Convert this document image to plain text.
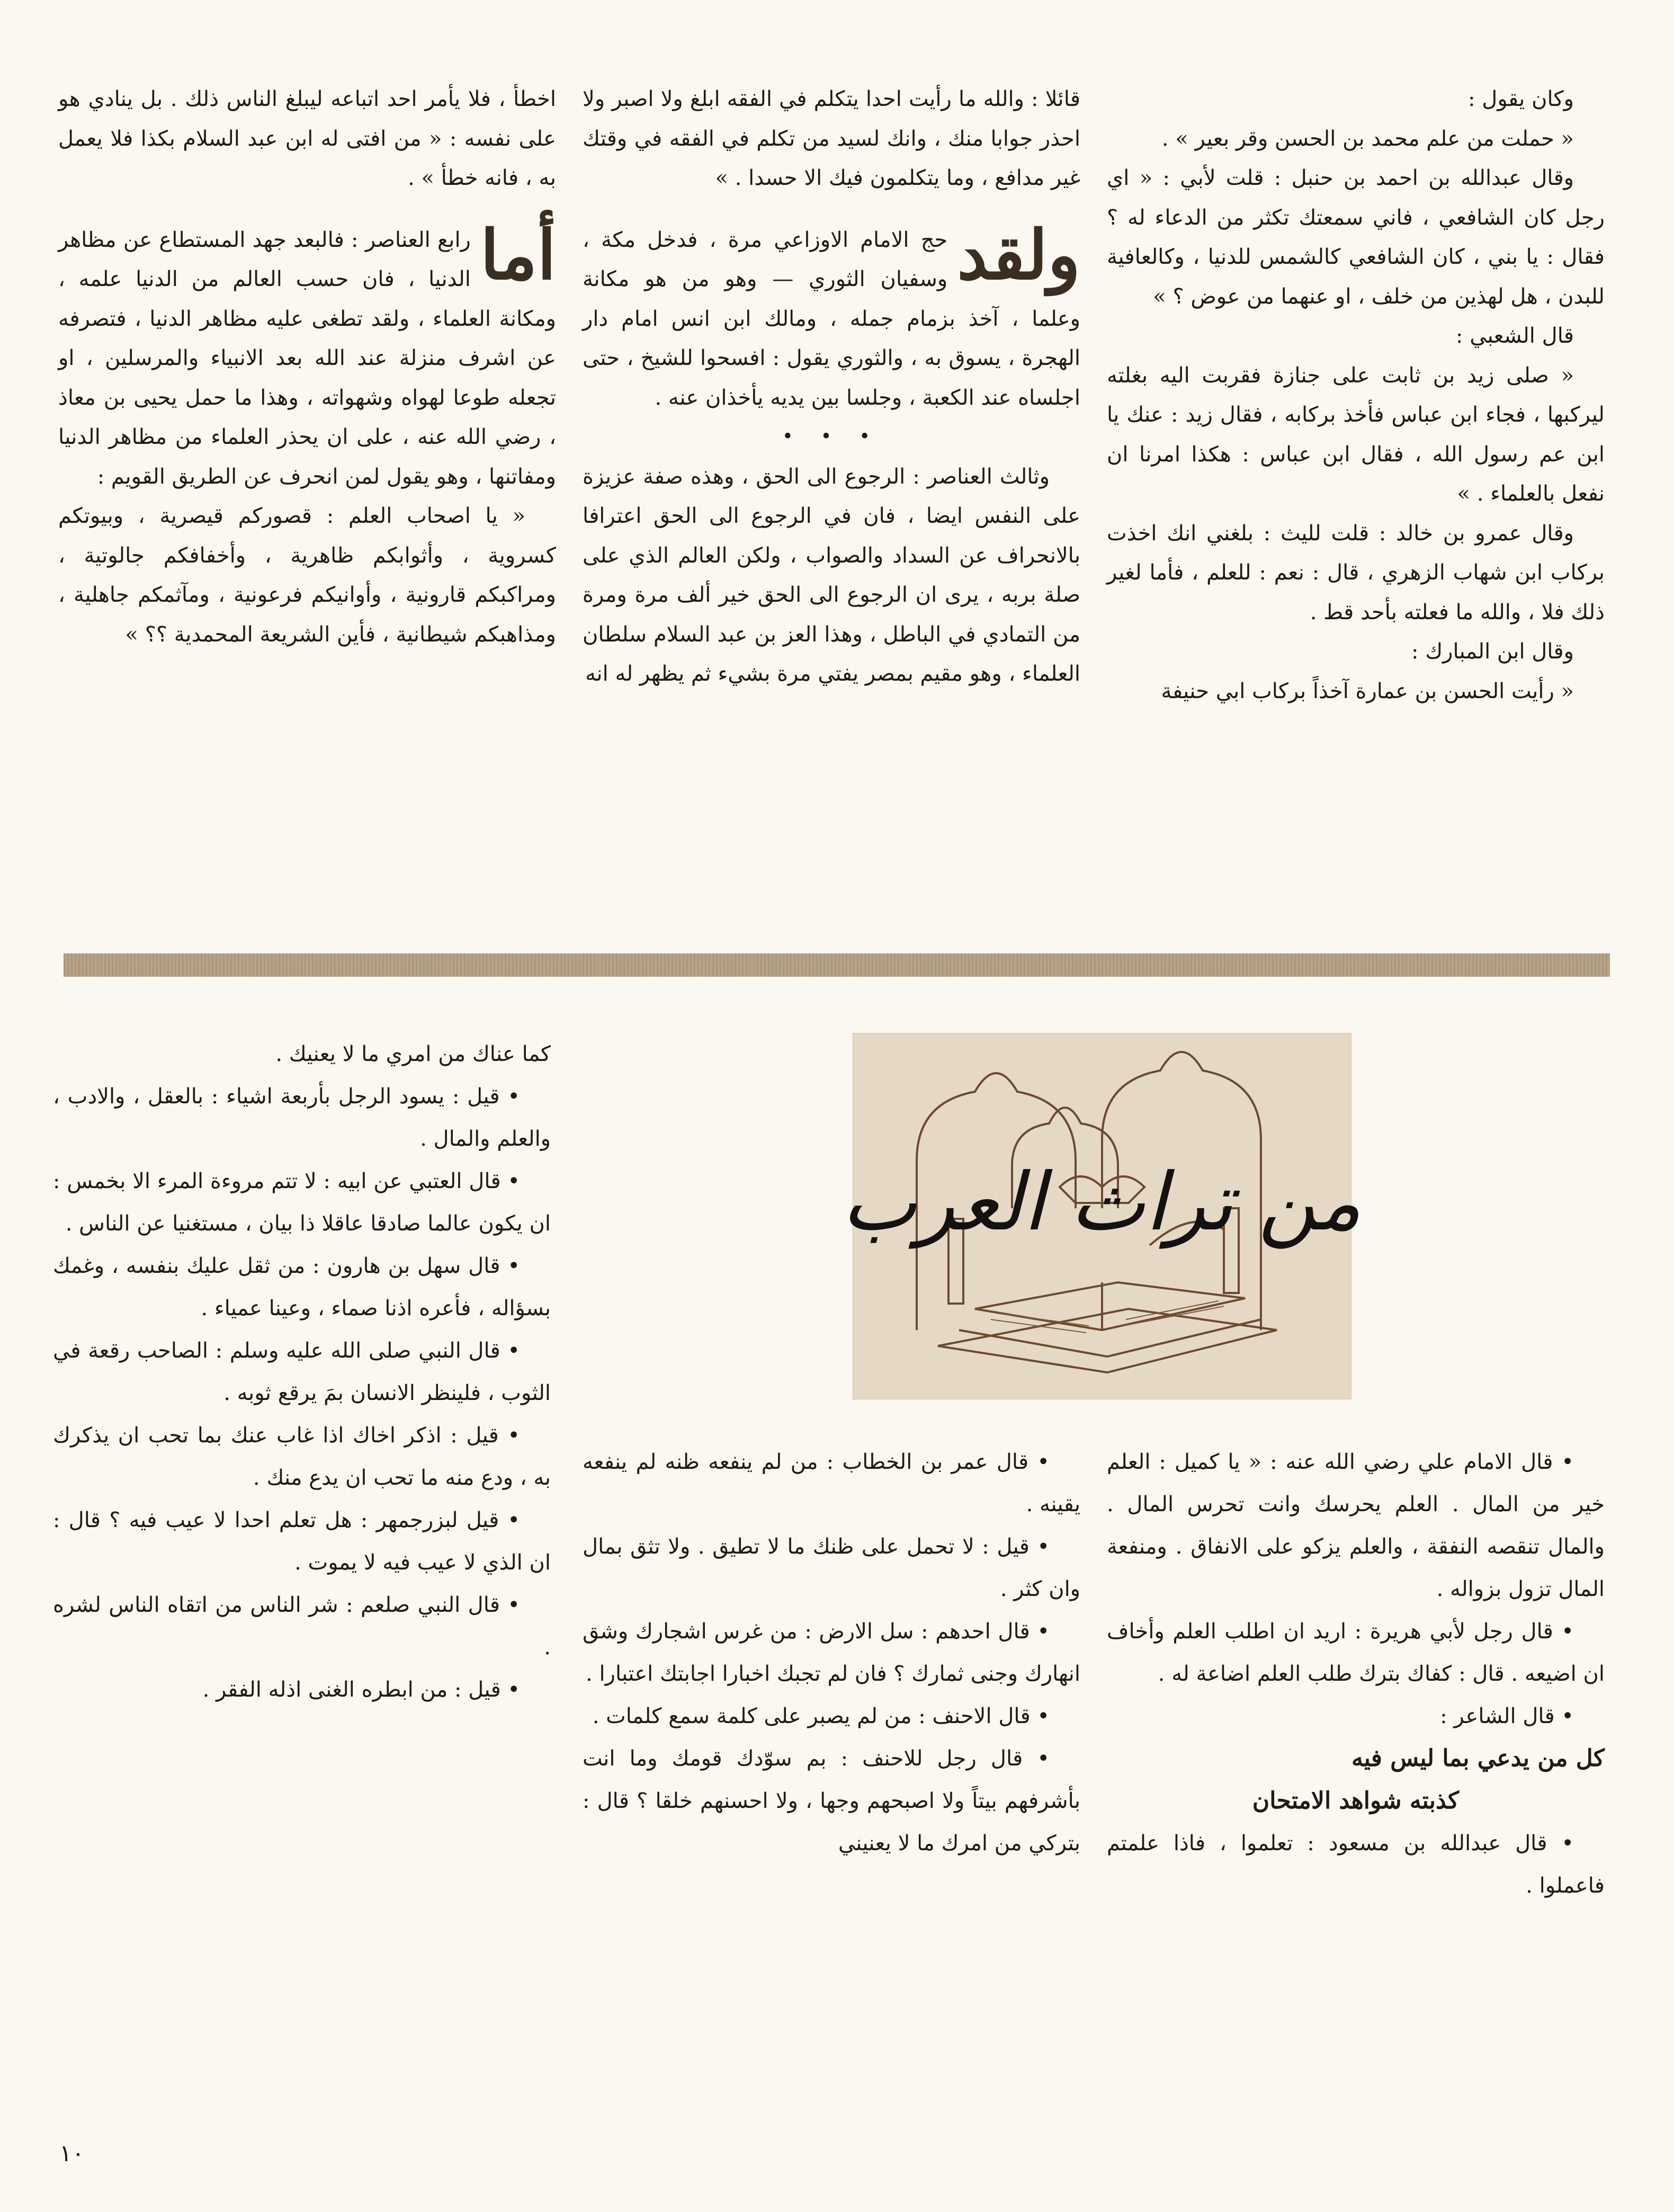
وكان يقول :

« حملت من علم محمد بن الحسن وقر بعير » .

وقال عبدالله بن احمد بن حنبل : قلت لأبي : « اي رجل كان الشافعي ، فاني سمعتك تكثر من الدعاء له ؟ فقال : يا بني ، كان الشافعي كالشمس للدنيا ، وكالعافية للبدن ، هل لهذين من خلف ، او عنهما من عوض ؟ »

قال الشعبي :

« صلى زيد بن ثابت على جنازة فقربت اليه بغلته ليركبها ، فجاء ابن عباس فأخذ بركابه ، فقال زيد : عنك يا ابن عم رسول الله ، فقال ابن عباس : هكذا امرنا ان نفعل بالعلماء . »

وقال عمرو بن خالد : قلت لليث : بلغني انك اخذت بركاب ابن شهاب الزهري ، قال : نعم : للعلم ، فأما لغير ذلك فلا ، والله ما فعلته بأحد قط .

وقال ابن المبارك :

« رأيت الحسن بن عمارة آخذاً بركاب ابي حنيفة

قائلا : والله ما رأيت احدا يتكلم في الفقه ابلغ ولا اصبر ولا احذر جوابا منك ، وانك لسيد من تكلم في الفقه في وقتك غير مدافع ، وما يتكلمون فيك الا حسدا . »

ولقد
حج الامام الاوزاعي مرة ، فدخل مكة ، وسفيان الثوري — وهو من هو مكانة وعلما ، آخذ بزمام جمله ، ومالك ابن انس امام دار الهجرة ، يسوق به ، والثوري يقول : افسحوا للشيخ ، حتى اجلساه عند الكعبة ، وجلسا بين يديه يأخذان عنه .

• • •

وثالث العناصر : الرجوع الى الحق ، وهذه صفة عزيزة على النفس ايضا ، فان في الرجوع الى الحق اعترافا بالانحراف عن السداد والصواب ، ولكن العالم الذي على صلة بربه ، يرى ان الرجوع الى الحق خير ألف مرة ومرة من التمادي في الباطل ، وهذا العز بن عبد السلام سلطان العلماء ، وهو مقيم بمصر يفتي مرة بشيء ثم يظهر له انه

اخطأ ، فلا يأمر احد اتباعه ليبلغ الناس ذلك . بل ينادي هو على نفسه : « من افتى له ابن عبد السلام بكذا فلا يعمل به ، فانه خطأ » .

أما
رابع العناصر : فالبعد جهد المستطاع عن مظاهر الدنيا ، فان حسب العالم من الدنيا علمه ، ومكانة العلماء ، ولقد تطغى عليه مظاهر الدنيا ، فتصرفه عن اشرف منزلة عند الله بعد الانبياء والمرسلين ، او تجعله طوعا لهواه وشهواته ، وهذا ما حمل يحيى بن معاذ ، رضي الله عنه ، على ان يحذر العلماء من مظاهر الدنيا ومفاتنها ، وهو يقول لمن انحرف عن الطريق القويم :

« يا اصحاب العلم : قصوركم قيصرية ، وبيوتكم كسروية ، وأثوابكم ظاهرية ، وأخفافكم جالوتية ، ومراكبكم قارونية ، وأوانيكم فرعونية ، ومآثمكم جاهلية ، ومذاهبكم شيطانية ، فأين الشريعة المحمدية ؟؟ »

من تراث العرب

كما عناك من امري ما لا يعنيك .

• قيل : يسود الرجل بأربعة اشياء : بالعقل ، والادب ، والعلم والمال .

• قال العتبي عن ابيه : لا تتم مروءة المرء الا بخمس : ان يكون عالما صادقا عاقلا ذا بيان ، مستغنيا عن الناس .

• قال سهل بن هارون : من ثقل عليك بنفسه ، وغمك بسؤاله ، فأعره اذنا صماء ، وعينا عمياء .

• قال النبي صلى الله عليه وسلم : الصاحب رقعة في الثوب ، فلينظر الانسان بمَ يرقع ثوبه .

• قيل : اذكر اخاك اذا غاب عنك بما تحب ان يذكرك به ، ودع منه ما تحب ان يدع منك .

• قيل لبزرجمهر : هل تعلم احدا لا عيب فيه ؟ قال : ان الذي لا عيب فيه لا يموت .

• قال النبي صلعم : شر الناس من اتقاه الناس لشره .

• قيل : من ابطره الغنى اذله الفقر .

• قال عمر بن الخطاب : من لم ينفعه ظنه لم ينفعه يقينه .

• قيل : لا تحمل على ظنك ما لا تطيق . ولا تثق بمال وان كثر .

• قال احدهم : سل الارض : من غرس اشجارك وشق انهارك وجنى ثمارك ؟ فان لم تجبك اخبارا اجابتك اعتبارا .

• قال الاحنف : من لم يصبر على كلمة سمع كلمات .

• قال رجل للاحنف : بم سوّدك قومك وما انت بأشرفهم بيتاً ولا اصبحهم وجها ، ولا احسنهم خلقا ؟ قال : بتركي من امرك ما لا يعنيني

• قال الامام علي رضي الله عنه : « يا كميل : العلم خير من المال . العلم يحرسك وانت تحرس المال . والمال تنقصه النفقة ، والعلم يزكو على الانفاق . ومنفعة المال تزول بزواله .

• قال رجل لأبي هريرة : اريد ان اطلب العلم وأخاف ان اضيعه . قال : كفاك بترك طلب العلم اضاعة له .

• قال الشاعر :

كل من يدعي بما ليس فيه

كذبته شواهد الامتحان

• قال عبدالله بن مسعود : تعلموا ، فاذا علمتم فاعملوا .

١٠
